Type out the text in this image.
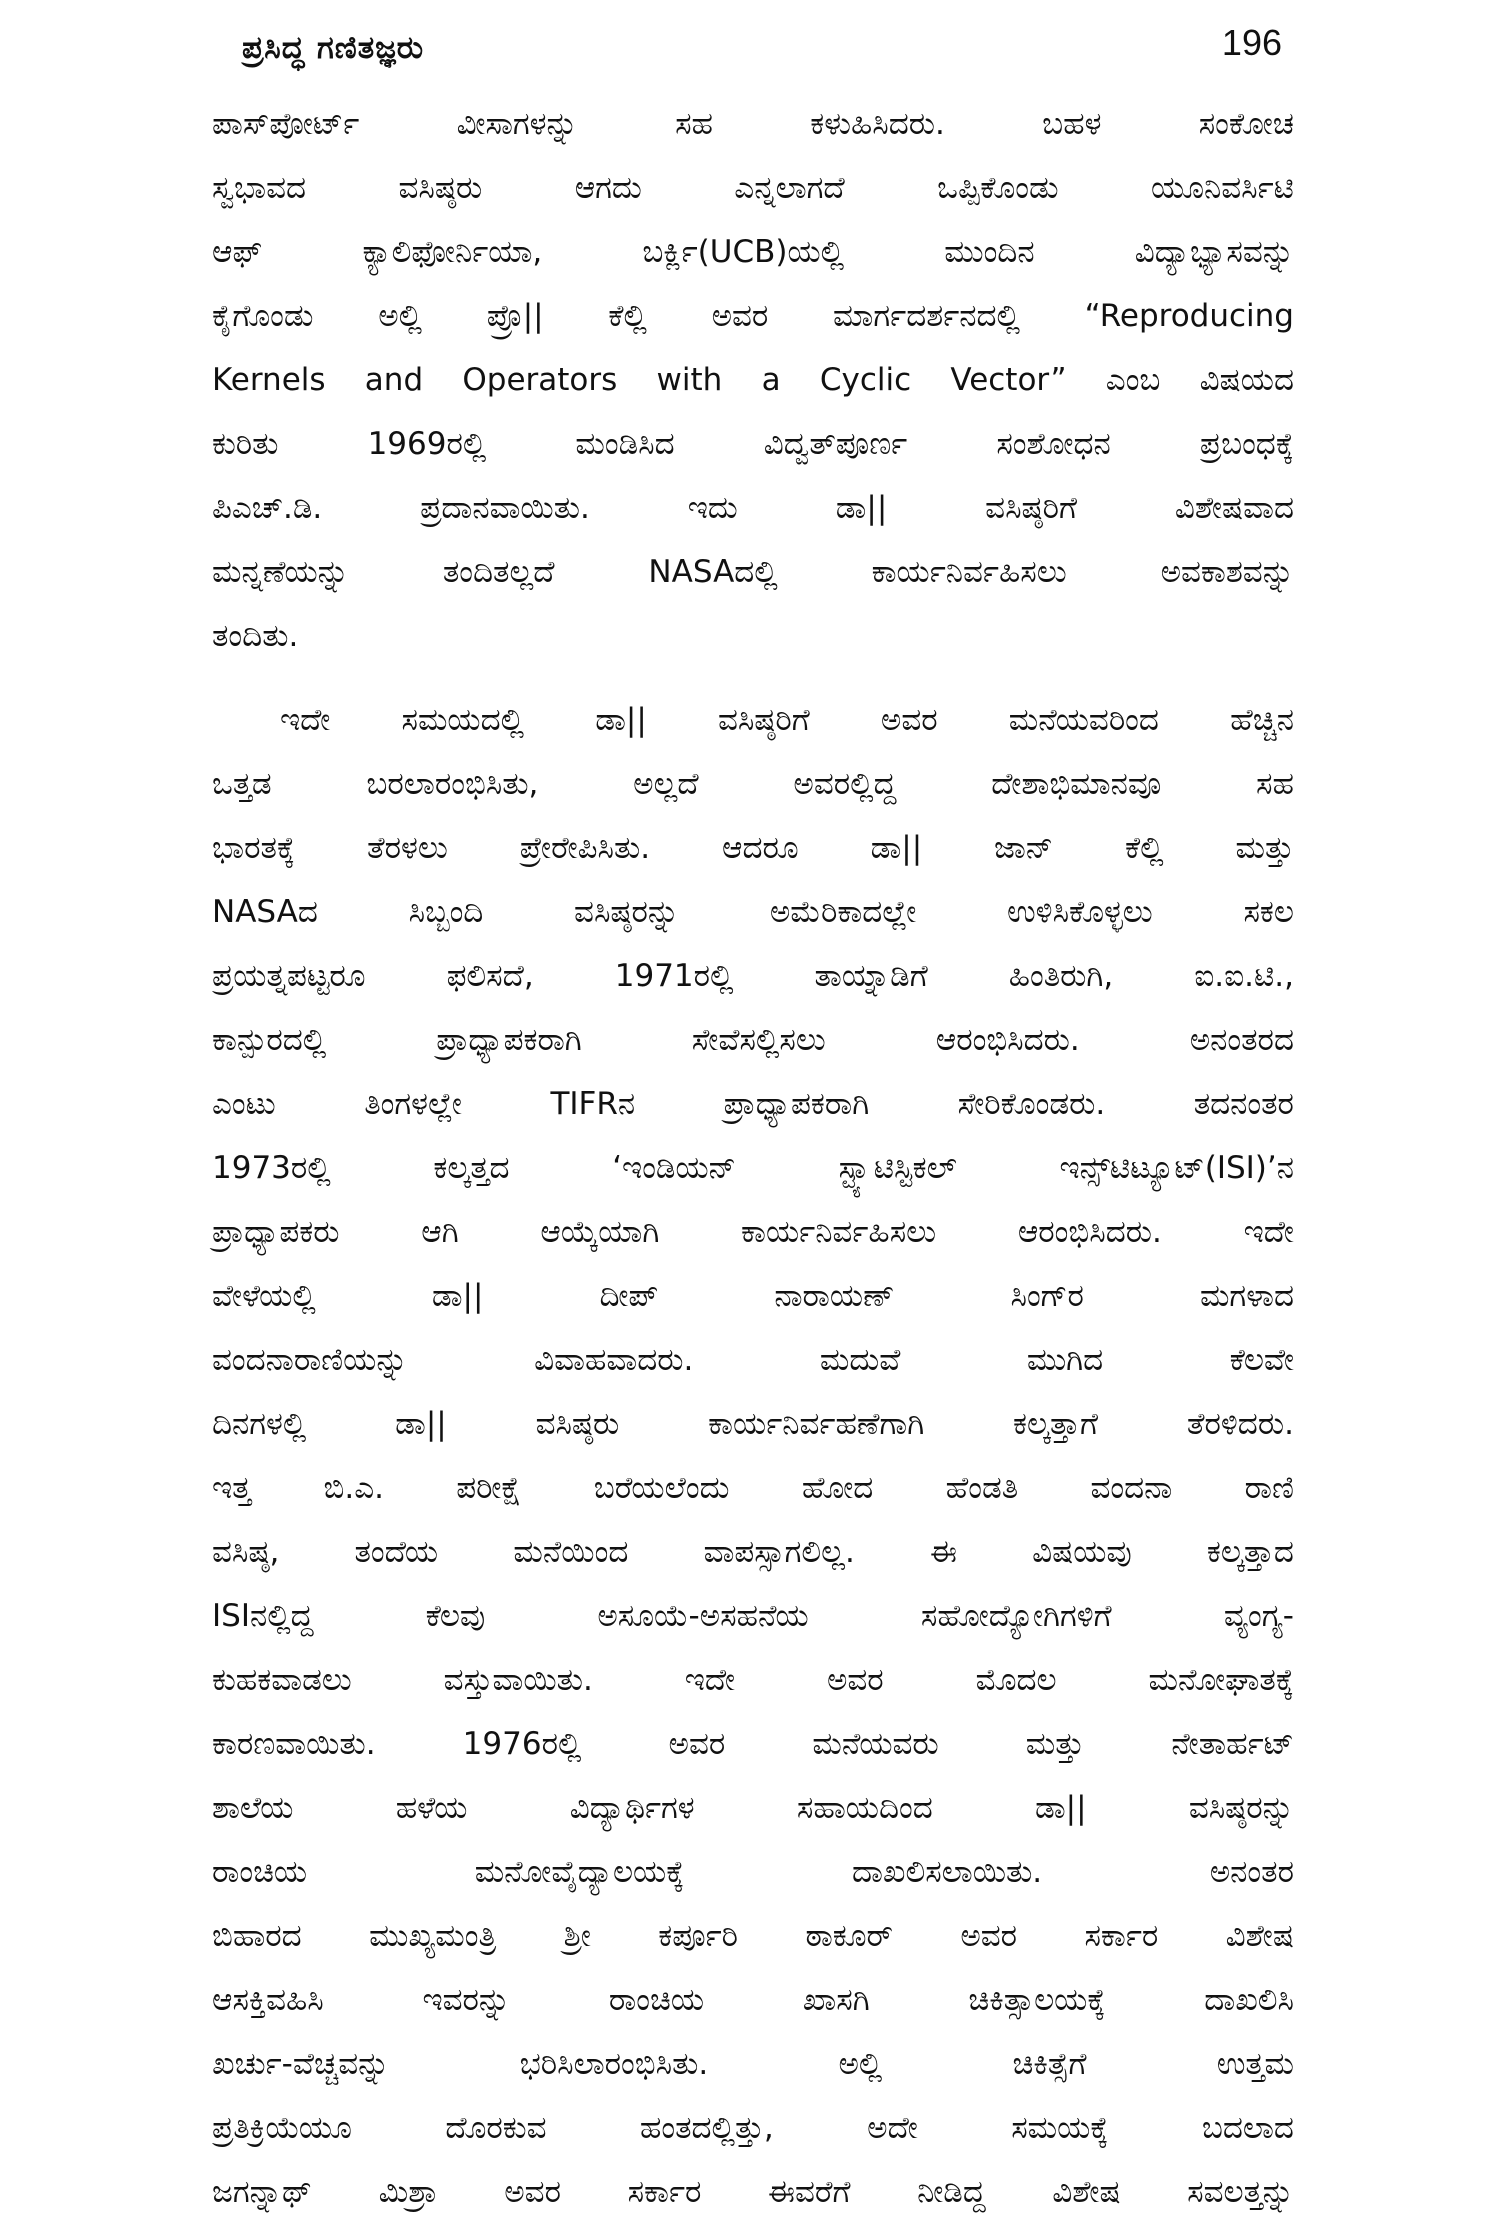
ಪ್ರಸಿದ್ಧ ಗಣಿತಜ್ಞರು	196
ಪಾಸ್‌ಪೋರ್ಟ್	ವೀಸಾಗಳನ್ನು	ಸಹ	ಕಳುಹಿಸಿದರು.	ಬಹಳ	ಸಂಕೋಚ
ಸ್ವಭಾವದ	ವಸಿಷ್ಠರು	ಆಗದು	ಎನ್ನಲಾಗದೆ	ಒಪ್ಪಿಕೊಂಡು	ಯೂನಿವರ್ಸಿಟಿ
ಆಫ್	ಕ್ಯಾಲಿಫೋರ್ನಿಯಾ,	ಬರ್ಕ್ಲಿ(UCB)ಯಲ್ಲಿ	ಮುಂದಿನ	ವಿದ್ಯಾಭ್ಯಾಸವನ್ನು
ಕೈಗೊಂಡು ಅಲ್ಲಿ ಪ್ರೊ|| ಕೆಲ್ಲಿ ಅವರ ಮಾರ್ಗದರ್ಶನದಲ್ಲಿ “Reproducing
Kernels and Operators with a Cyclic Vector” ಎಂಬ ವಿಷಯದ
ಕುರಿತು	1969ರಲ್ಲಿ	ಮಂಡಿಸಿದ	ವಿದ್ವತ್‌ಪೂರ್ಣ	ಸಂಶೋಧನ	ಪ್ರಬಂಧಕ್ಕೆ
ಪಿಎಚ್.ಡಿ.	ಪ್ರದಾನವಾಯಿತು.	ಇದು	ಡಾ||	ವಸಿಷ್ಠರಿಗೆ	ವಿಶೇಷವಾದ
ಮನ್ನಣೆಯನ್ನು	ತಂದಿತಲ್ಲದೆ	NASAದಲ್ಲಿ	ಕಾರ್ಯನಿರ್ವಹಿಸಲು	ಅವಕಾಶವನ್ನು
ತಂದಿತು.
ಇದೇ ಸಮಯದಲ್ಲಿ ಡಾ|| ವಸಿಷ್ಠರಿಗೆ ಅವರ ಮನೆಯವರಿಂದ ಹೆಚ್ಚಿನ
ಒತ್ತಡ	ಬರಲಾರಂಭಿಸಿತು,	ಅಲ್ಲದೆ	ಅವರಲ್ಲಿದ್ದ	ದೇಶಾಭಿಮಾನವೂ	ಸಹ
ಭಾರತಕ್ಕೆ ತೆರಳಲು ಪ್ರೇರೇಪಿಸಿತು. ಆದರೂ ಡಾ|| ಜಾನ್ ಕೆಲ್ಲಿ ಮತ್ತು
NASAದ	ಸಿಬ್ಬಂದಿ	ವಸಿಷ್ಠರನ್ನು	ಅಮೆರಿಕಾದಲ್ಲೇ	ಉಳಿಸಿಕೊಳ್ಳಲು	ಸಕಲ
ಪ್ರಯತ್ನಪಟ್ಟರೂ	ಫಲಿಸದೆ,	1971ರಲ್ಲಿ	ತಾಯ್ನಾಡಿಗೆ	ಹಿಂತಿರುಗಿ,	ಐ.ಐ.ಟಿ.,
ಕಾನ್ಪುರದಲ್ಲಿ	ಪ್ರಾಧ್ಯಾಪಕರಾಗಿ	ಸೇವೆಸಲ್ಲಿಸಲು	ಆರಂಭಿಸಿದರು.	ಅನಂತರದ
ಎಂಟು	ತಿಂಗಳಲ್ಲೇ	TIFRನ	ಪ್ರಾಧ್ಯಾಪಕರಾಗಿ	ಸೇರಿಕೊಂಡರು.	ತದನಂತರ
1973ರಲ್ಲಿ	ಕಲ್ಕತ್ತದ	‘ಇಂಡಿಯನ್	ಸ್ಟ್ಯಾಟಿಸ್ಟಿಕಲ್	ಇನ್ಸ್‌ಟಿಟ್ಯೂಟ್(ISI)’ನ
ಪ್ರಾಧ್ಯಾಪಕರು	ಆಗಿ	ಆಯ್ಕೆಯಾಗಿ	ಕಾರ್ಯನಿರ್ವಹಿಸಲು	ಆರಂಭಿಸಿದರು.	ಇದೇ
ವೇಳೆಯಲ್ಲಿ	ಡಾ||	ದೀಪ್	ನಾರಾಯಣ್	ಸಿಂಗ್‌ರ	ಮಗಳಾದ
ವಂದನಾರಾಣಿಯನ್ನು	ವಿವಾಹವಾದರು.	ಮದುವೆ	ಮುಗಿದ	ಕೆಲವೇ
ದಿನಗಳಲ್ಲಿ	ಡಾ||	ವಸಿಷ್ಠರು	ಕಾರ್ಯನಿರ್ವಹಣೆಗಾಗಿ	ಕಲ್ಕತ್ತಾಗೆ	ತೆರಳಿದರು.
ಇತ್ತ ಬಿ.ಎ. ಪರೀಕ್ಷೆ ಬರೆಯಲೆಂದು ಹೋದ ಹೆಂಡತಿ ವಂದನಾ ರಾಣಿ
ವಸಿಷ್ಠ, ತಂದೆಯ ಮನೆಯಿಂದ ವಾಪಸ್ಸಾಗಲಿಲ್ಲ. ಈ ವಿಷಯವು ಕಲ್ಕತ್ತಾದ
ISIನಲ್ಲಿದ್ದ	ಕೆಲವು	ಅಸೂಯೆ-ಅಸಹನೆಯ	ಸಹೋದ್ಯೋಗಿಗಳಿಗೆ	ವ್ಯಂಗ್ಯ-
ಕುಹಕವಾಡಲು	ವಸ್ತುವಾಯಿತು.	ಇದೇ	ಅವರ	ಮೊದಲ	ಮನೋಘಾತಕ್ಕೆ
ಕಾರಣವಾಯಿತು.	1976ರಲ್ಲಿ	ಅವರ	ಮನೆಯವರು	ಮತ್ತು	ನೇತಾರ್ಹಟ್
ಶಾಲೆಯ	ಹಳೆಯ	ವಿದ್ಯಾರ್ಥಿಗಳ	ಸಹಾಯದಿಂದ	ಡಾ||	ವಸಿಷ್ಠರನ್ನು
ರಾಂಚಿಯ	ಮನೋವೈದ್ಯಾಲಯಕ್ಕೆ	ದಾಖಲಿಸಲಾಯಿತು.	ಅನಂತರ
ಬಿಹಾರದ ಮುಖ್ಯಮಂತ್ರಿ ಶ್ರೀ ಕರ್ಪೂರಿ ಠಾಕೂರ್ ಅವರ ಸರ್ಕಾರ ವಿಶೇಷ
ಆಸಕ್ತಿವಹಿಸಿ	ಇವರನ್ನು	ರಾಂಚಿಯ	ಖಾಸಗಿ	ಚಿಕಿತ್ಸಾಲಯಕ್ಕೆ	ದಾಖಲಿಸಿ
ಖರ್ಚು-ವೆಚ್ಚವನ್ನು	ಭರಿಸಿಲಾರಂಭಿಸಿತು.	ಅಲ್ಲಿ	ಚಿಕಿತ್ಸೆಗೆ	ಉತ್ತಮ
ಪ್ರತಿಕ್ರಿಯೆಯೂ	ದೊರಕುವ	ಹಂತದಲ್ಲಿತ್ತು,	ಅದೇ	ಸಮಯಕ್ಕೆ	ಬದಲಾದ
ಜಗನ್ನಾಥ್ ಮಿಶ್ರಾ ಅವರ ಸರ್ಕಾರ ಈವರೆಗೆ ನೀಡಿದ್ದ ವಿಶೇಷ ಸವಲತ್ತನ್ನು
